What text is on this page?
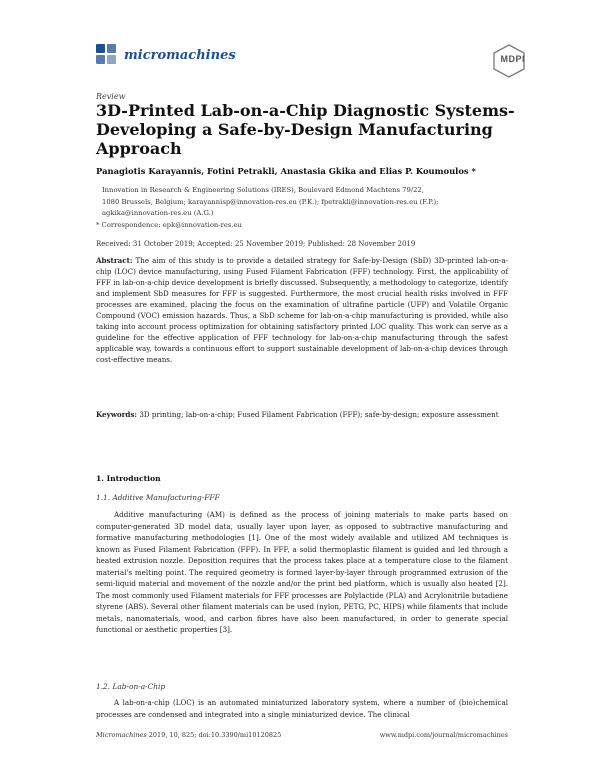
micromachines	MDPI
Review
3D-Printed Lab-on-a-Chip Diagnostic Systems-Developing a Safe-by-Design Manufacturing Approach
Panagiotis Karayannis, Fotini Petrakli, Anastasia Gkika and Elias P. Koumoulos *

Innovation in Research & Engineering Solutions (IRES), Boulevard Edmond Machtens 79/22,

1080 Brussels, Belgium; karayannisp@innovation-res.eu (P.K.); fpetrakli@innovation-res.eu (F.P.);

agkika@innovation-res.eu (A.G.)

* Correspondence: epk@innovation-res.eu

Received: 31 October 2019; Accepted: 25 November 2019; Published: 28 November 2019
Abstract: The aim of this study is to provide a detailed strategy for Safe-by-Design (SbD) 3D-printed lab-on-a-chip (LOC) device manufacturing, using Fused Filament Fabrication (FFF) technology. First, the applicability of FFF in lab-on-a-chip device development is briefly discussed. Subsequently, a methodology to categorize, identify and implement SbD measures for FFF is suggested. Furthermore, the most crucial health risks involved in FFF processes are examined, placing the focus on the examination of ultrafine particle (UFP) and Volatile Organic Compound (VOC) emission hazards. Thus, a SbD scheme for lab-on-a-chip manufacturing is provided, while also taking into account process optimization for obtaining satisfactory printed LOC quality. This work can serve as a guideline for the effective application of FFF technology for lab-on-a-chip manufacturing through the safest applicable way, towards a continuous effort to support sustainable development of lab-on-a-chip devices through cost-effective means.
Keywords: 3D printing; lab-on-a-chip; Fused Filament Fabrication (FFF); safe-by-design; exposure assessment
1. Introduction
1.1. Additive Manufacturing-FFF

Additive manufacturing (AM) is defined as the process of joining materials to make parts based on computer-generated 3D model data, usually layer upon layer, as opposed to subtractive manufacturing and formative manufacturing methodologies [1]. One of the most widely available and utilized AM techniques is known as Fused Filament Fabrication (FFF). In FFF, a solid thermoplastic filament is guided and led through a heated extrusion nozzle. Deposition requires that the process takes place at a temperature close to the filament material's melting point. The required geometry is formed layer-by-layer through programmed extrusion of the semi-liquid material and movement of the nozzle and/or the print bed platform, which is usually also heated [2]. The most commonly used Filament materials for FFF processes are Polylactide (PLA) and Acrylonitrile butadiene styrene (ABS). Several other filament materials can be used (nylon, PETG, PC, HIPS) while filaments that include metals, nanomaterials, wood, and carbon fibres have also been manufactured, in order to generate special functional or aesthetic properties [3].

1.2. Lab-on-a-Chip

A lab-on-a-chip (LOC) is an automated miniaturized laboratory system, where a number of (bio)chemical processes are condensed and integrated into a single miniaturized device. The clinical

Micromachines 2019, 10, 825; doi:10.3390/mi10120825	www.mdpi.com/journal/micromachines
